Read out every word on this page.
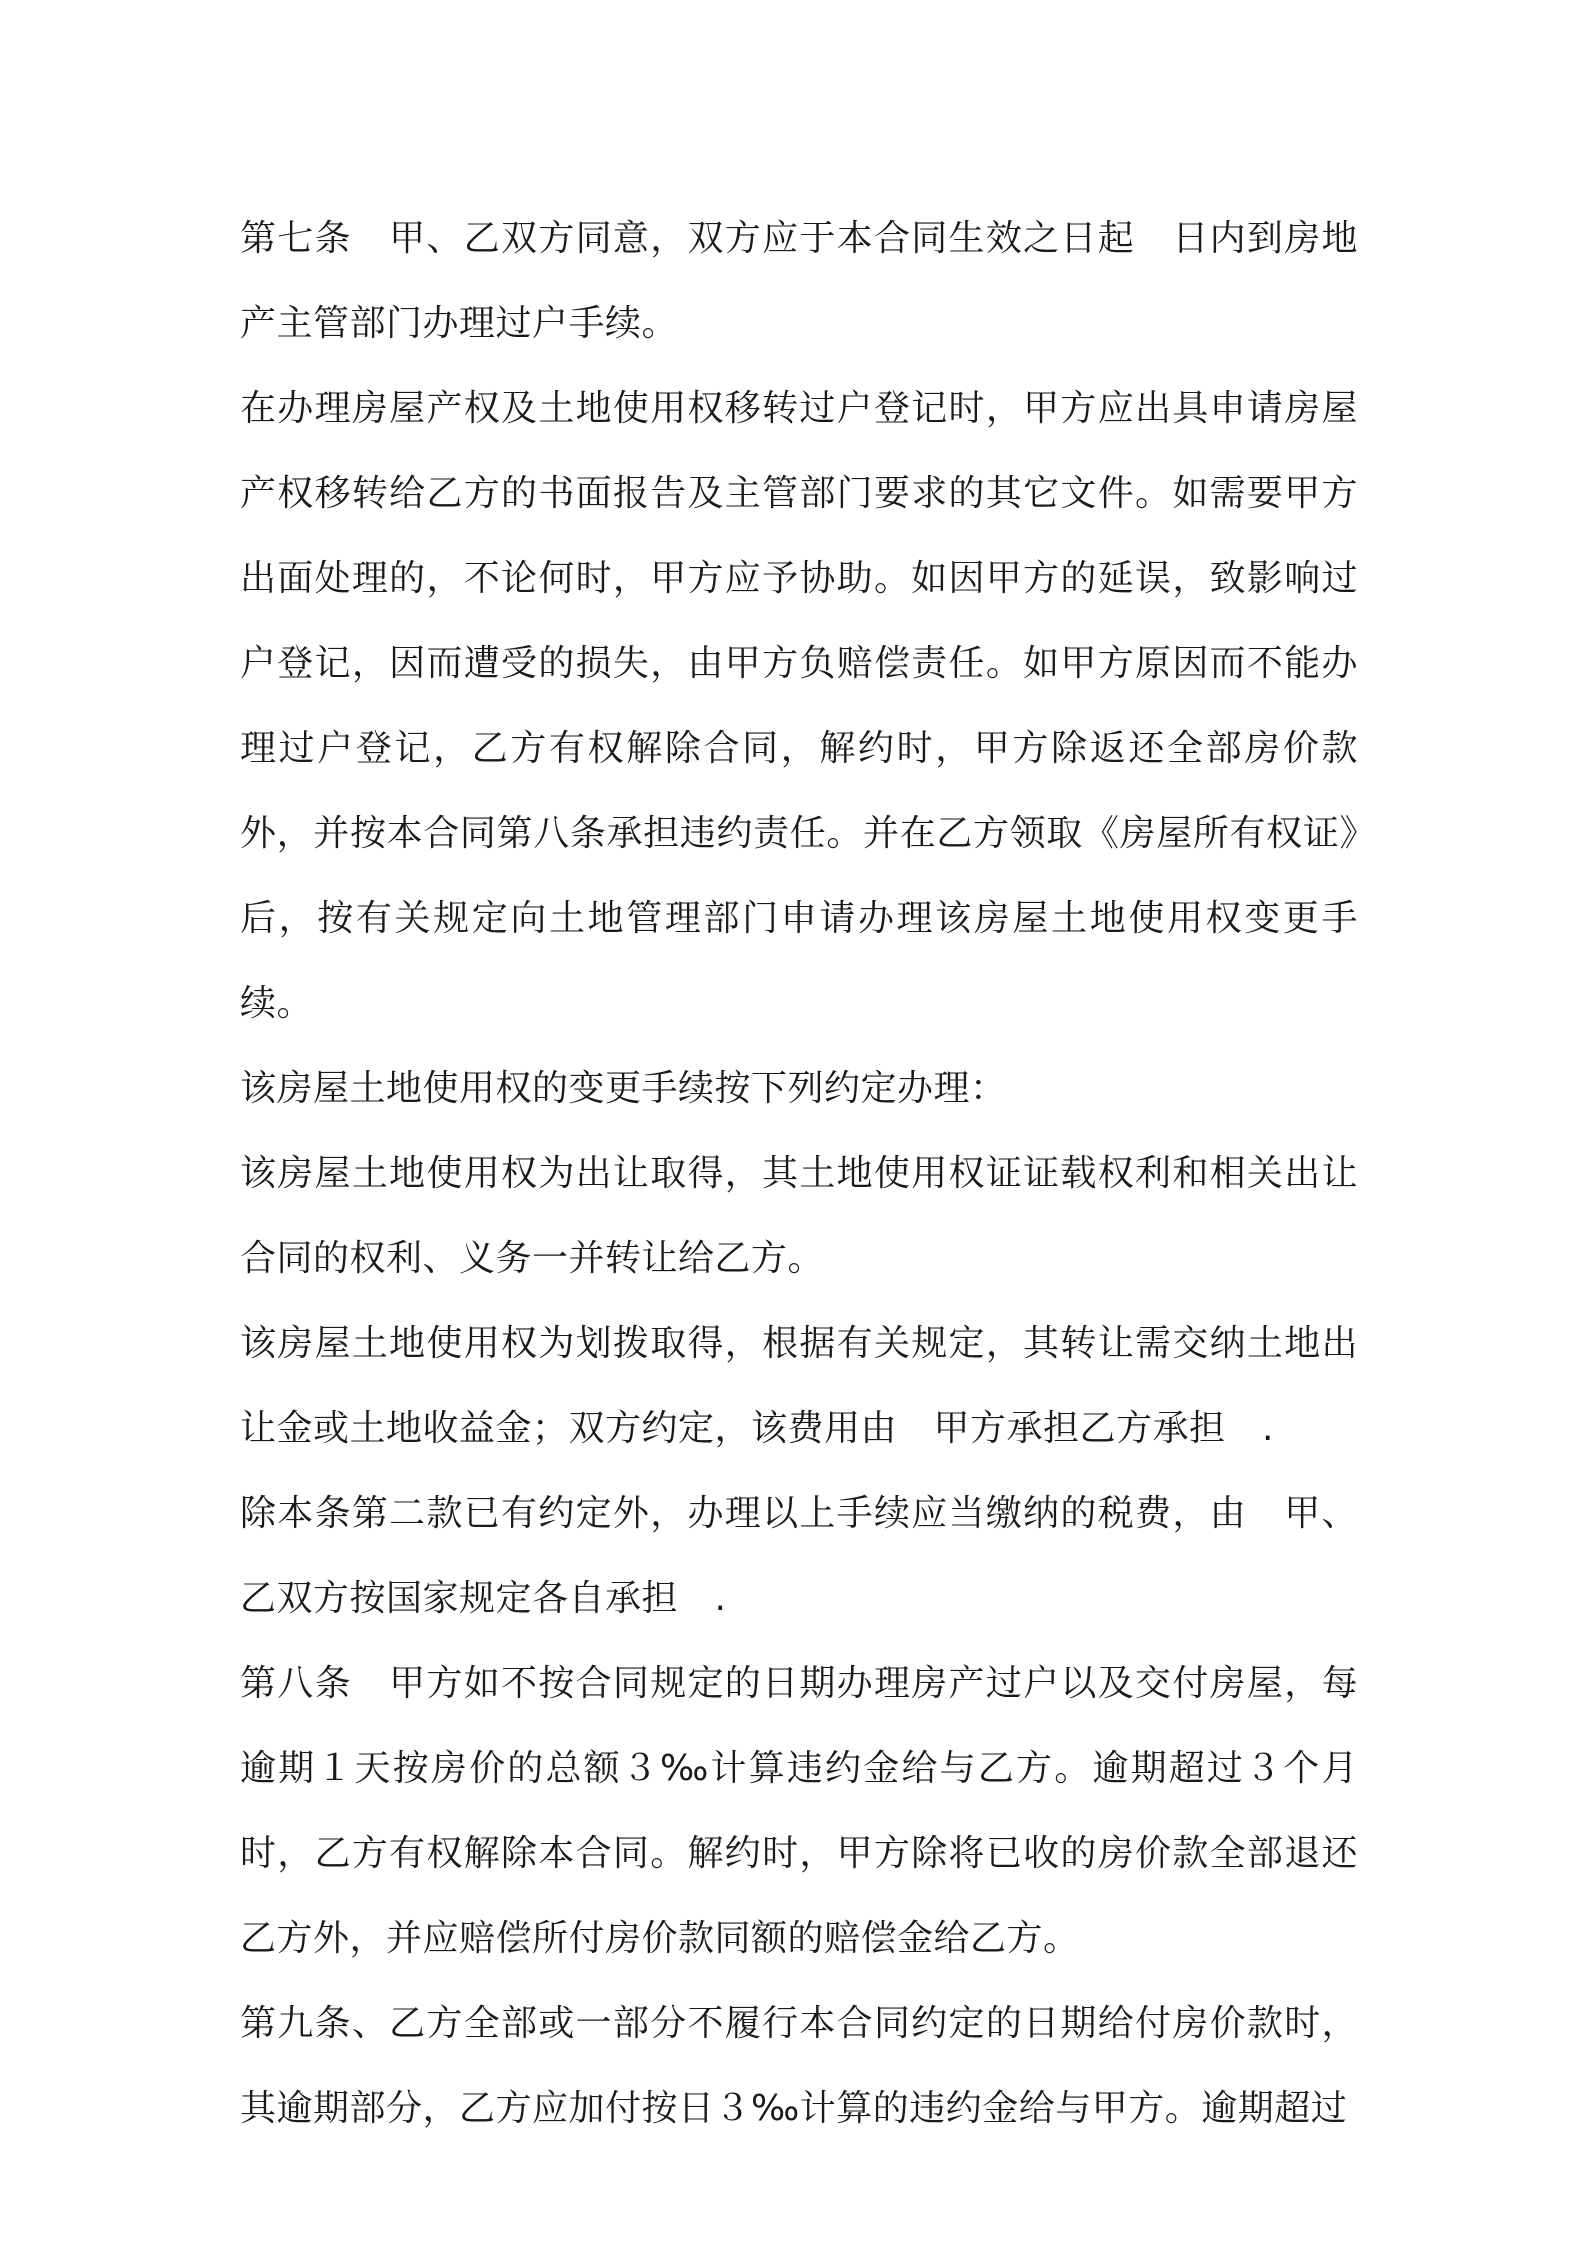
第七条　甲、乙双方同意，双方应于本合同生效之日起　日内到房地产主管部门办理过户手续。

在办理房屋产权及土地使用权移转过户登记时，甲方应出具申请房屋产权移转给乙方的书面报告及主管部门要求的其它文件。如需要甲方出面处理的，不论何时，甲方应予协助。如因甲方的延误，致影响过户登记，因而遭受的损失，由甲方负赔偿责任。如甲方原因而不能办理过户登记，乙方有权解除合同，解约时，甲方除返还全部房价款外，并按本合同第八条承担违约责任。并在乙方领取《房屋所有权证》后，按有关规定向土地管理部门申请办理该房屋土地使用权变更手续。

该房屋土地使用权的变更手续按下列约定办理：

该房屋土地使用权为出让取得，其土地使用权证证载权利和相关出让合同的权利、义务一并转让给乙方。

该房屋土地使用权为划拨取得，根据有关规定，其转让需交纳土地出让金或土地收益金；双方约定，该费用由　甲方承担乙方承担　.

除本条第二款已有约定外，办理以上手续应当缴纳的税费，由　甲、乙双方按国家规定各自承担　.

第八条　甲方如不按合同规定的日期办理房产过户以及交付房屋，每逾期１天按房价的总额３‰计算违约金给与乙方。逾期超过３个月时，乙方有权解除本合同。解约时，甲方除将已收的房价款全部退还乙方外，并应赔偿所付房价款同额的赔偿金给乙方。

第九条、乙方全部或一部分不履行本合同约定的日期给付房价款时，其逾期部分，乙方应加付按日３‰计算的违约金给与甲方。逾期超过
